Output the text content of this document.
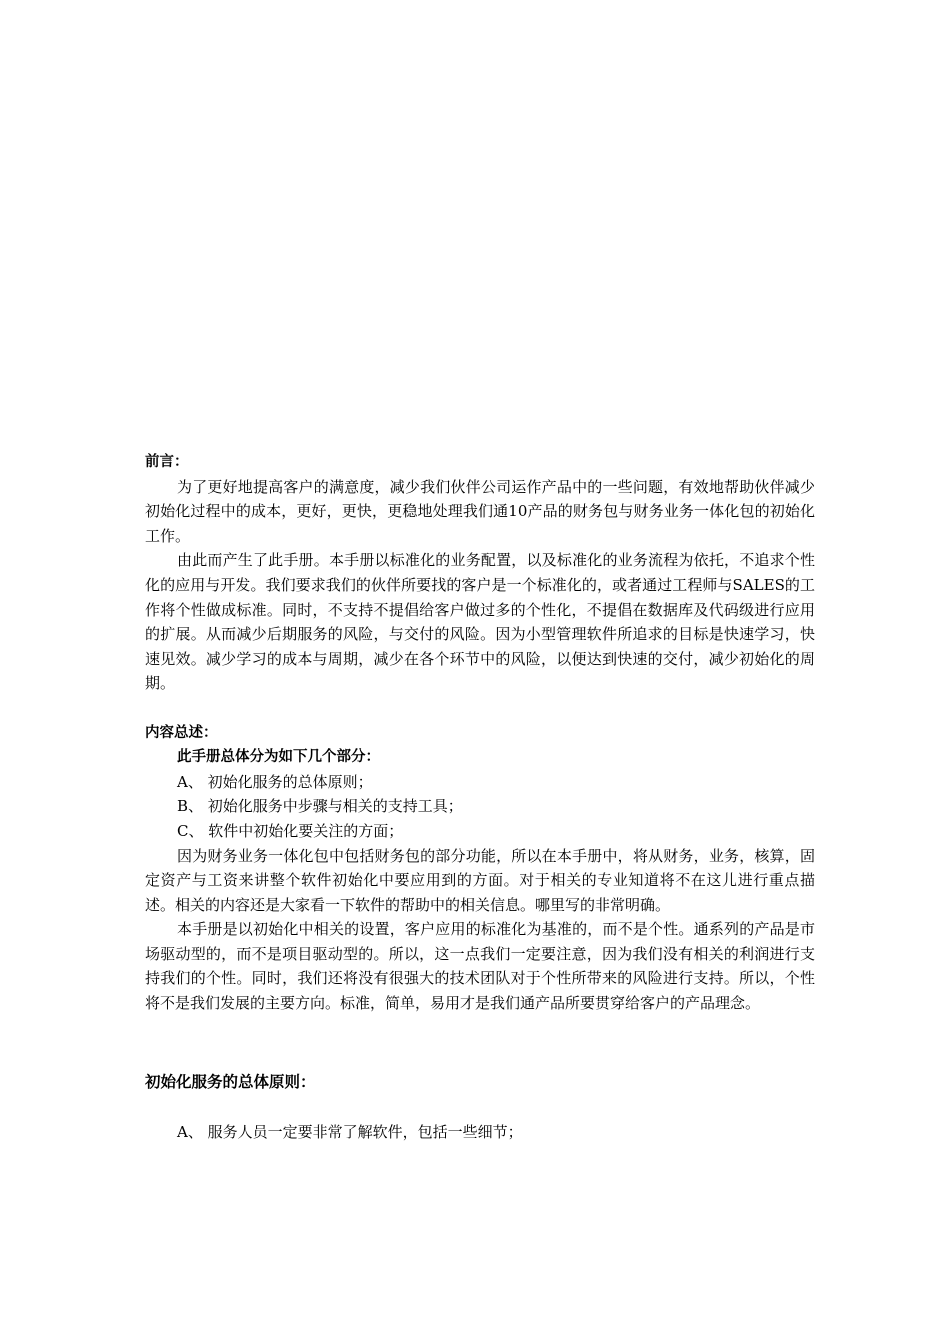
前言：

为了更好地提高客户的满意度，减少我们伙伴公司运作产品中的一些问题，有效地帮助伙伴减少初始化过程中的成本，更好，更快，更稳地处理我们通10产品的财务包与财务业务一体化包的初始化工作。

由此而产生了此手册。本手册以标准化的业务配置，以及标准化的业务流程为依托，不追求个性化的应用与开发。我们要求我们的伙伴所要找的客户是一个标准化的，或者通过工程师与SALES的工作将个性做成标准。同时，不支持不提倡给客户做过多的个性化，不提倡在数据库及代码级进行应用的扩展。从而减少后期服务的风险，与交付的风险。因为小型管理软件所追求的目标是快速学习，快速见效。减少学习的成本与周期，减少在各个环节中的风险，以便达到快速的交付，减少初始化的周期。

内容总述：

此手册总体分为如下几个部分：

A、 初始化服务的总体原则；

B、 初始化服务中步骤与相关的支持工具；

C、 软件中初始化要关注的方面；

因为财务业务一体化包中包括财务包的部分功能，所以在本手册中，将从财务，业务，核算，固定资产与工资来讲整个软件初始化中要应用到的方面。对于相关的专业知道将不在这儿进行重点描述。相关的内容还是大家看一下软件的帮助中的相关信息。哪里写的非常明确。

本手册是以初始化中相关的设置，客户应用的标准化为基准的，而不是个性。通系列的产品是市场驱动型的，而不是项目驱动型的。所以，这一点我们一定要注意，因为我们没有相关的利润进行支持我们的个性。同时，我们还将没有很强大的技术团队对于个性所带来的风险进行支持。所以，个性将不是我们发展的主要方向。标准，简单，易用才是我们通产品所要贯穿给客户的产品理念。

初始化服务的总体原则：

A、 服务人员一定要非常了解软件，包括一些细节；
